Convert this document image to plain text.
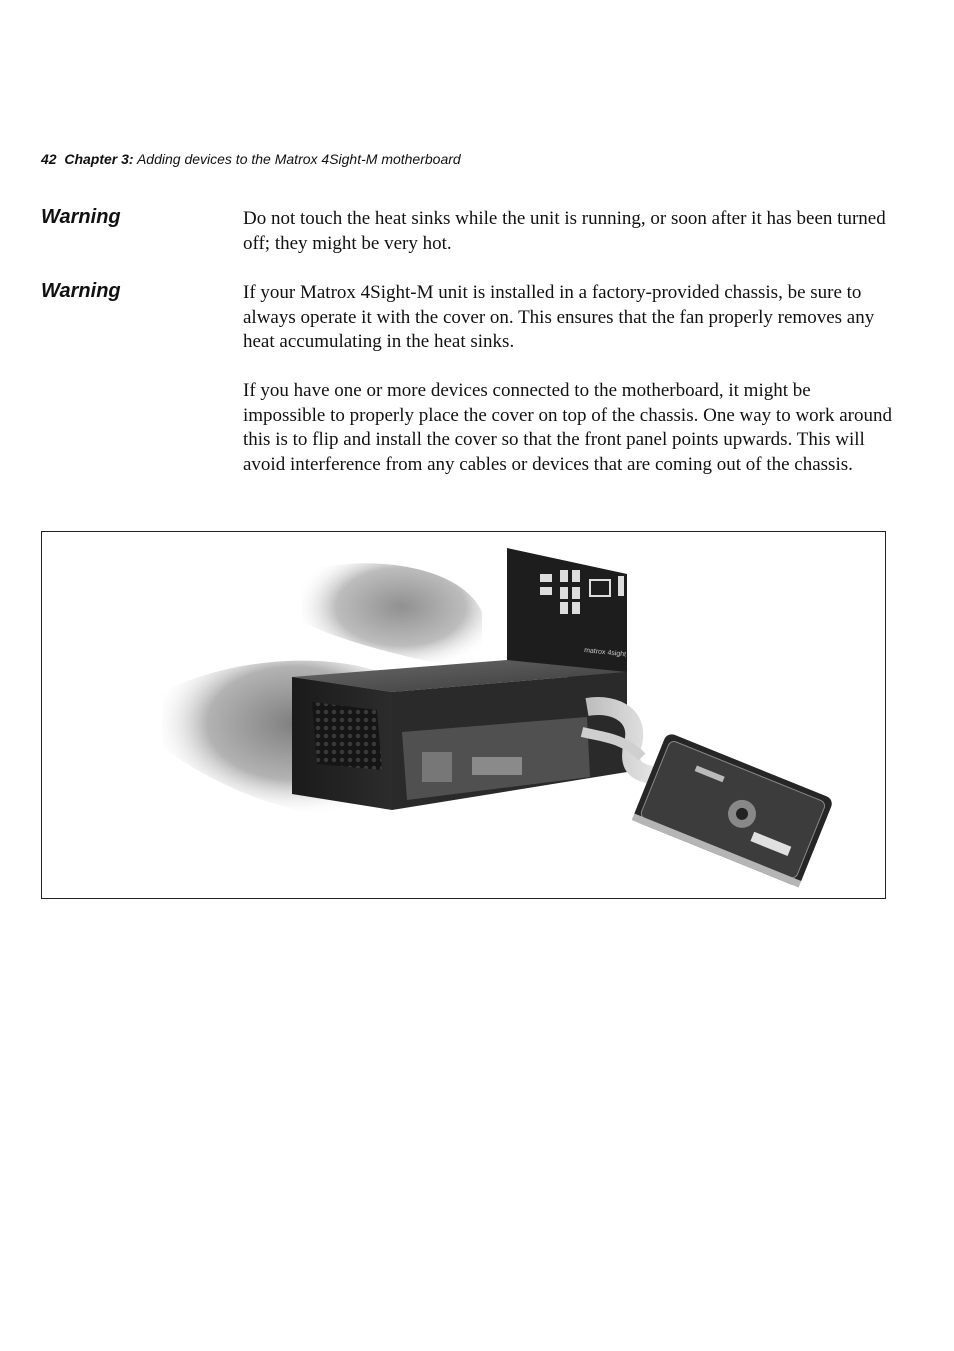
42 Chapter 3: Adding devices to the Matrox 4Sight-M motherboard
Warning	Do not touch the heat sinks while the unit is running, or soon after it has been turned off; they might be very hot.
Warning	If your Matrox 4Sight-M unit is installed in a factory-provided chassis, be sure to always operate it with the cover on. This ensures that the fan properly removes any heat accumulating in the heat sinks.
If you have one or more devices connected to the motherboard, it might be impossible to properly place the cover on top of the chassis. One way to work around this is to flip and install the cover so that the front panel points upwards. This will avoid interference from any cables or devices that are coming out of the chassis.
matrox 4sight
